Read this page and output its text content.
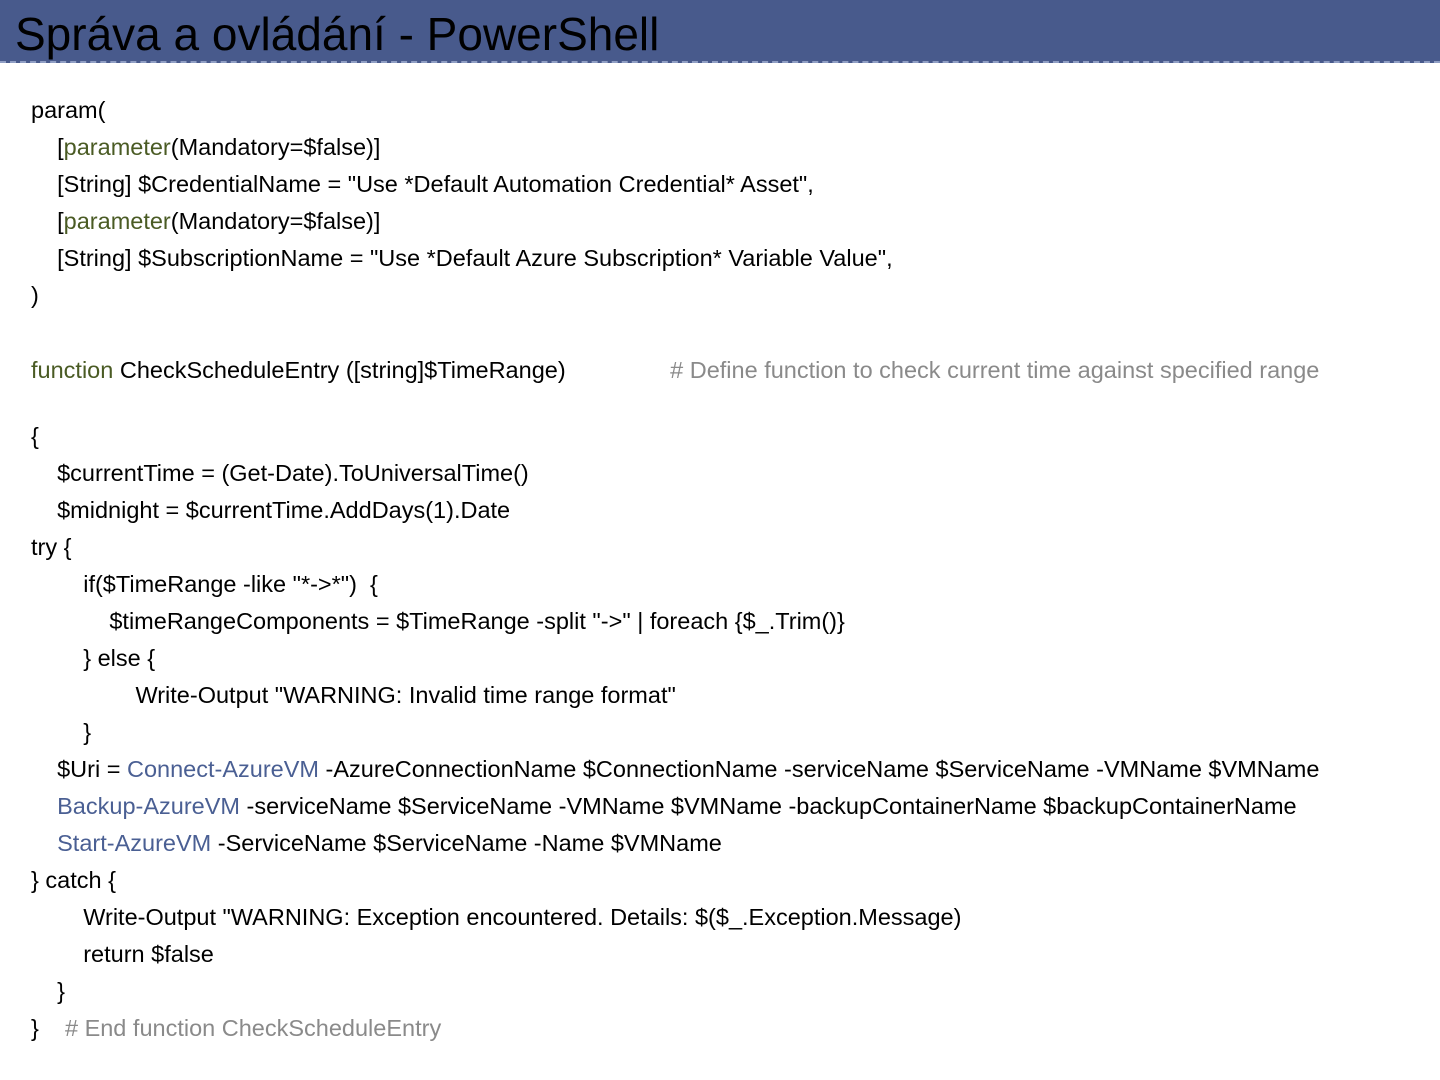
Správa a ovládání - PowerShell
param(
[parameter(Mandatory=$false)]
[String] $CredentialName = "Use *Default Automation Credential* Asset",
[parameter(Mandatory=$false)]
[String] $SubscriptionName = "Use *Default Azure Subscription* Variable Value",
)
function CheckScheduleEntry ([string]$TimeRange)                # Define function to check current time against specified range
{
$currentTime = (Get-Date).ToUniversalTime()
$midnight = $currentTime.AddDays(1).Date
try {
if($TimeRange -like "*->*")  {
$timeRangeComponents = $TimeRange -split "->" | foreach {$_.Trim()}
} else {
Write-Output "WARNING: Invalid time range format"
}
$Uri = Connect-AzureVM -AzureConnectionName $ConnectionName -serviceName $ServiceName -VMName $VMName
Backup-AzureVM -serviceName $ServiceName -VMName $VMName -backupContainerName $backupContainerName
Start-AzureVM -ServiceName $ServiceName -Name $VMName
} catch {
Write-Output "WARNING: Exception encountered. Details: $($_.Exception.Message)
return $false
}
}    # End function CheckScheduleEntry
